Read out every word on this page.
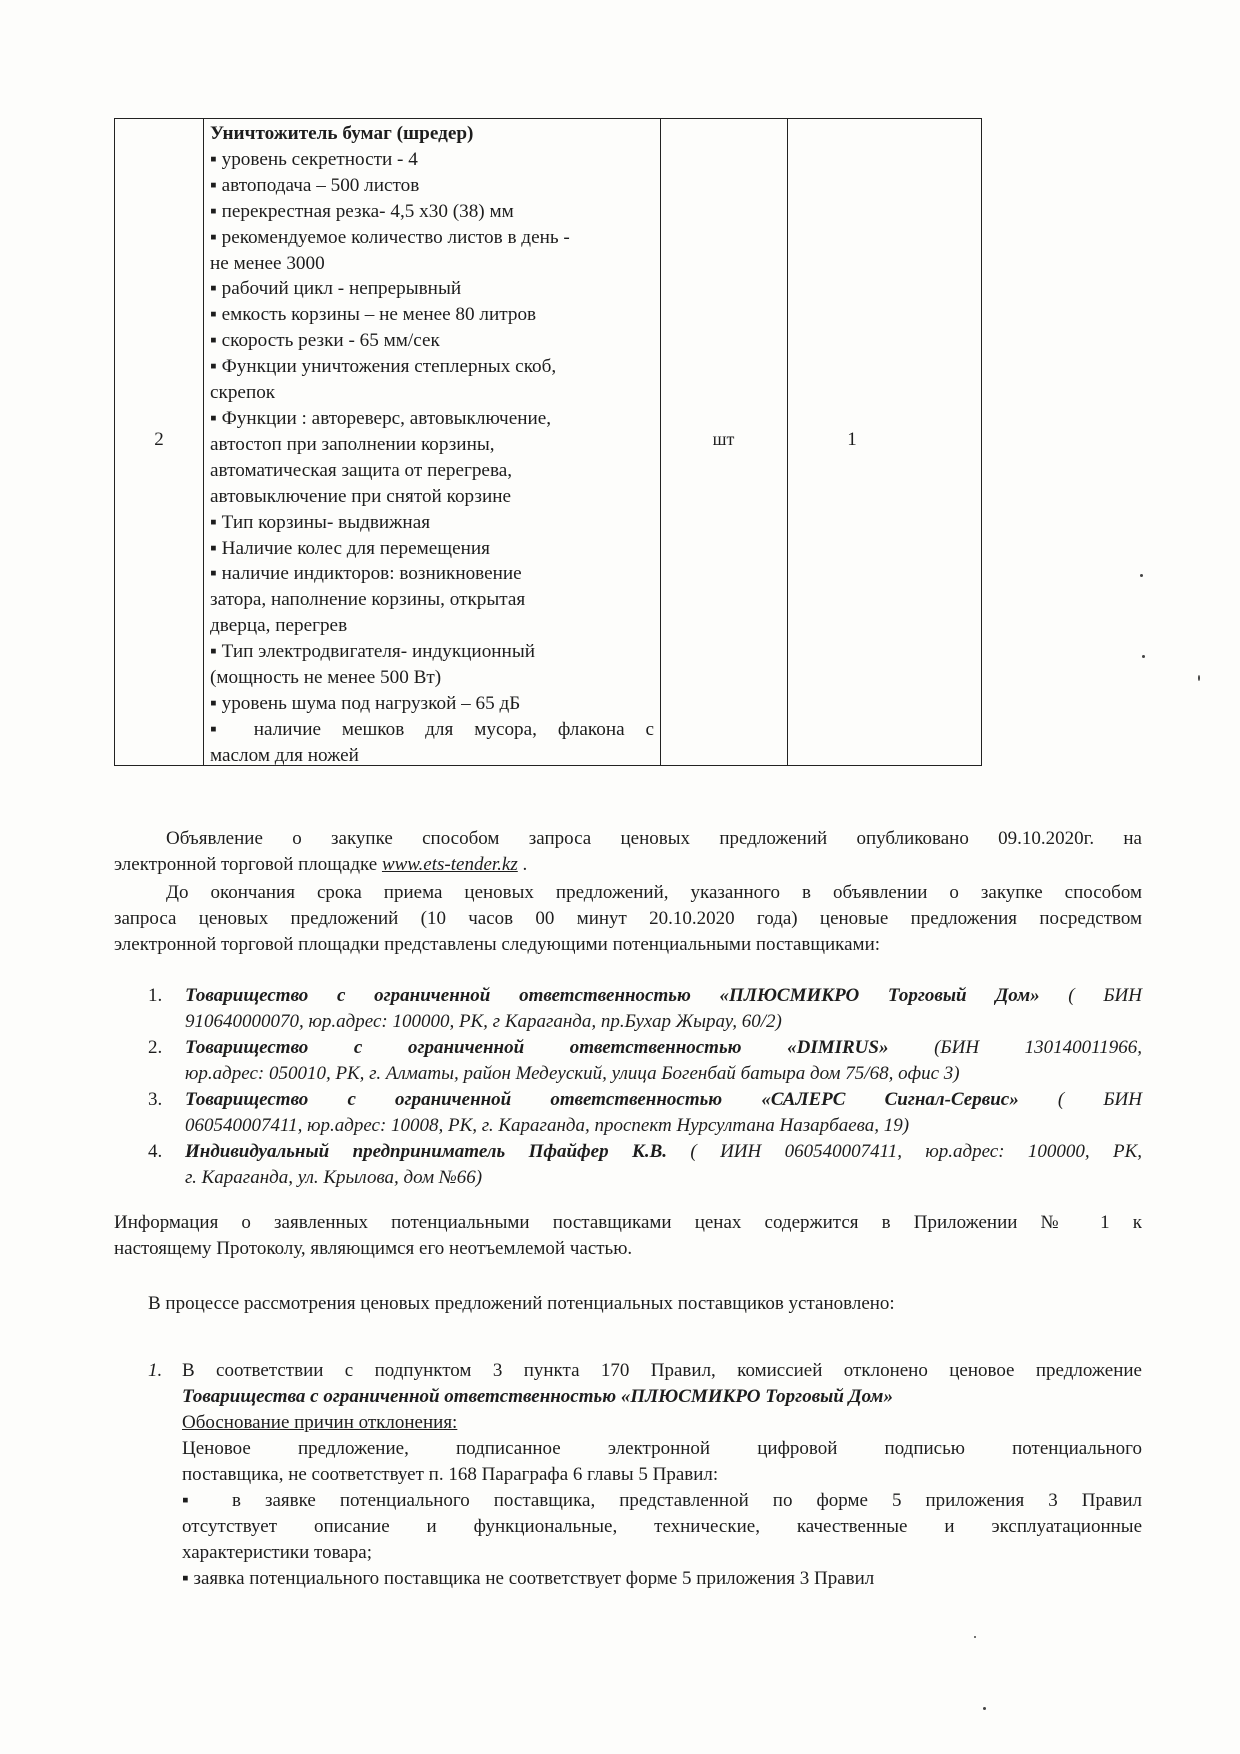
2
Уничтожитель бумаг (шредер)
▪ уровень секретности - 4
▪ автоподача – 500 листов
▪ перекрестная резка- 4,5 х30 (38) мм
▪ рекомендуемое количество листов в день -
не менее 3000
▪ рабочий цикл - непрерывный
▪ емкость корзины – не менее 80 литров
▪ скорость резки - 65 мм/сек
▪ Функции уничтожения степлерных скоб,
скрепок
▪ Функции : автореверс, автовыключение,
автостоп при заполнении корзины,
автоматическая защита от перегрева,
автовыключение при снятой корзине
▪ Тип корзины- выдвижная
▪ Наличие колес для перемещения
▪ наличие индикторов: возникновение
затора, наполнение корзины, открытая
дверца, перегрев
▪ Тип электродвигателя- индукционный
(мощность не менее 500 Вт)
▪ уровень шума под нагрузкой – 65 дБ
▪ наличие мешков для мусора, флакона с
маслом для ножей
шт	1
Объявление о закупке способом запроса ценовых предложений опубликовано 09.10.2020г. на
электронной торговой площадке www.ets-tender.kz .
До окончания срока приема ценовых предложений, указанного в объявлении о закупке способом
запроса ценовых предложений (10 часов 00 минут 20.10.2020 года) ценовые предложения посредством
электронной торговой площадки представлены следующими потенциальными поставщиками:
1. Товарищество с ограниченной ответственностью «ПЛЮСМИКРО Торговый Дом» ( БИН
910640000070, юр.адрес: 100000, РК, г Караганда, пр.Бухар Жырау, 60/2)
2. Товарищество с ограниченной ответственностью «DIMIRUS» (БИН 130140011966,
юр.адрес: 050010, РК, г. Алматы, район Медеуский, улица Богенбай батыра дом 75/68, офис 3)
3. Товарищество с ограниченной ответственностью «САЛЕРС Сигнал-Сервис» ( БИН
060540007411, юр.адрес: 10008, РК, г. Караганда, проспект Нурсултана Назарбаева, 19)
4. Индивидуальный предприниматель Пфайфер К.В. ( ИИН 060540007411, юр.адрес: 100000, РК,
г. Караганда, ул. Крылова, дом №66)
Информация о заявленных потенциальными поставщиками ценах содержится в Приложении № 1 к
настоящему Протоколу, являющимся его неотъемлемой частью.
В процессе рассмотрения ценовых предложений потенциальных поставщиков установлено:
1. В соответствии с подпунктом 3 пункта 170 Правил, комиссией отклонено ценовое предложение
Товарищества с ограниченной ответственностью «ПЛЮСМИКРО Торговый Дом»
Обоснование причин отклонения:
Ценовое предложение, подписанное электронной цифровой подписью потенциального
поставщика, не соответствует п. 168 Параграфа 6 главы 5 Правил:
▪ в заявке потенциального поставщика, представленной по форме 5 приложения 3 Правил
отсутствует описание и функциональные, технические, качественные и эксплуатационные
характеристики товара;
▪ заявка потенциального поставщика не соответствует форме 5 приложения 3 Правил
